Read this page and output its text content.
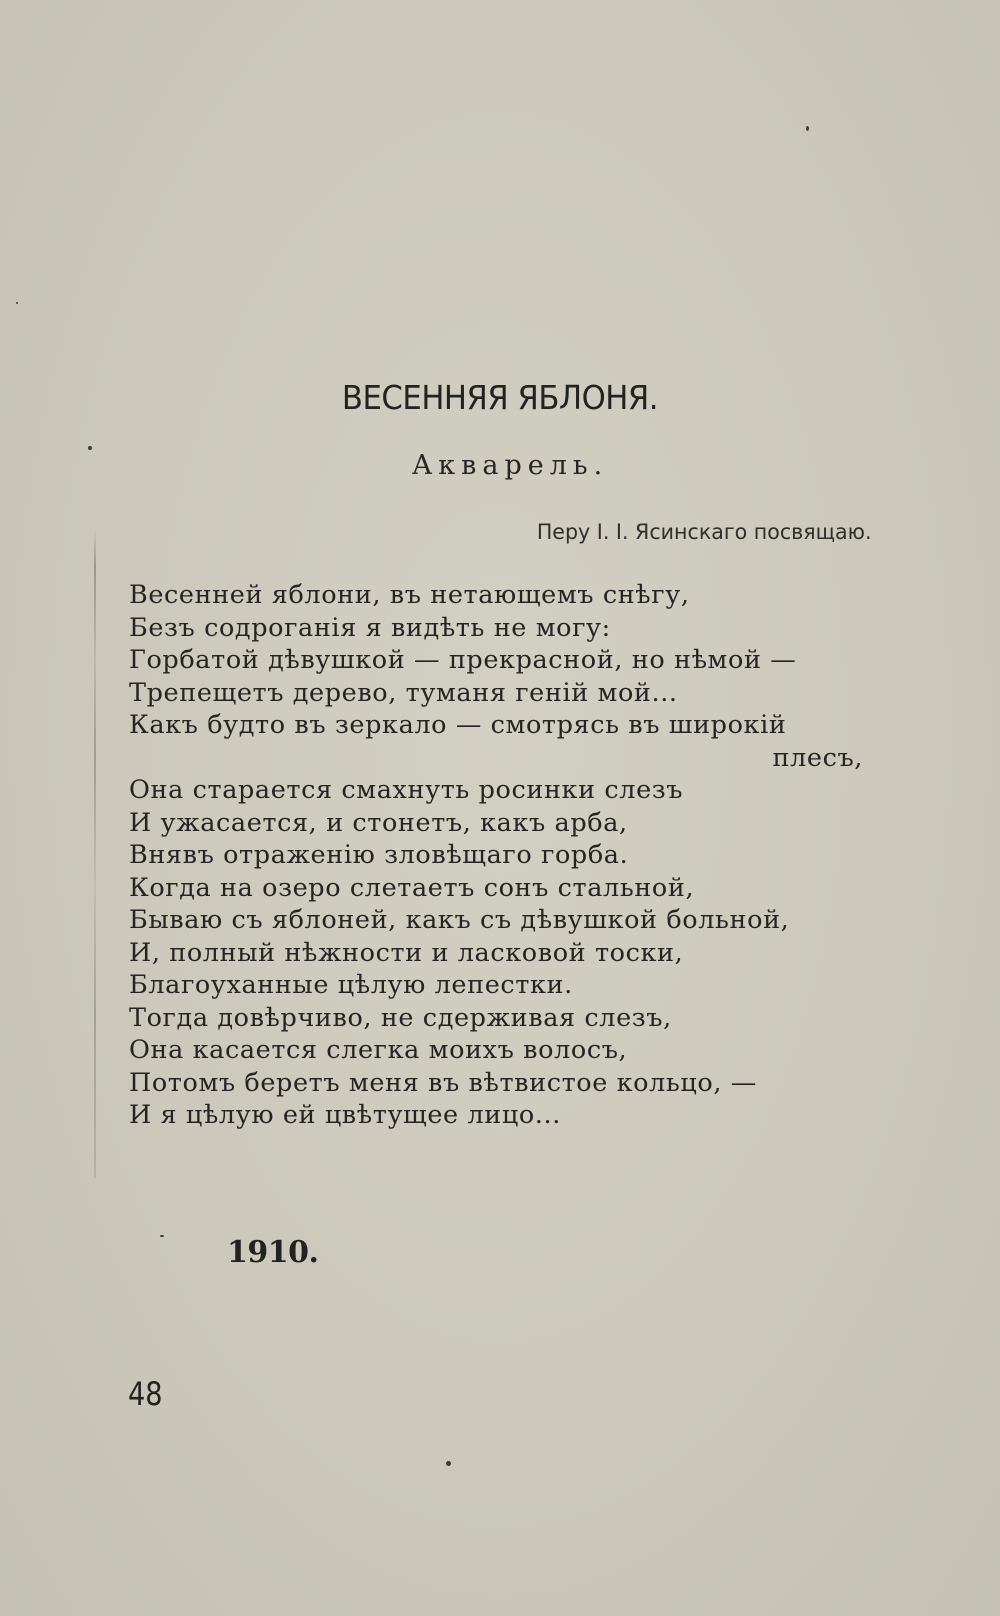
ВЕСЕННЯЯ ЯБЛОНЯ.
Акварель.
Перу I. I. Ясинскаго посвящаю.
Весенней яблони, въ нетающемъ снѣгу,
Безъ содроганія я видѣть не могу:
Горбатой дѣвушкой — прекрасной, но нѣмой —
Трепещетъ дерево, туманя геній мой...
Какъ будто въ зеркало — смотрясь въ широкій
плесъ,
Она старается смахнуть росинки слезъ
И ужасается, и стонетъ, какъ арба,
Внявъ отраженію зловѣщаго горба.
Когда на озеро слетаетъ сонъ стальной,
Бываю съ яблоней, какъ съ дѣвушкой больной,
И, полный нѣжности и ласковой тоски,
Благоуханные цѣлую лепестки.
Тогда довѣрчиво, не сдерживая слезъ,
Она касается слегка моихъ волосъ,
Потомъ беретъ меня въ вѣтвистое кольцо, —
И я цѣлую ей цвѣтущее лицо...
1910.
48
